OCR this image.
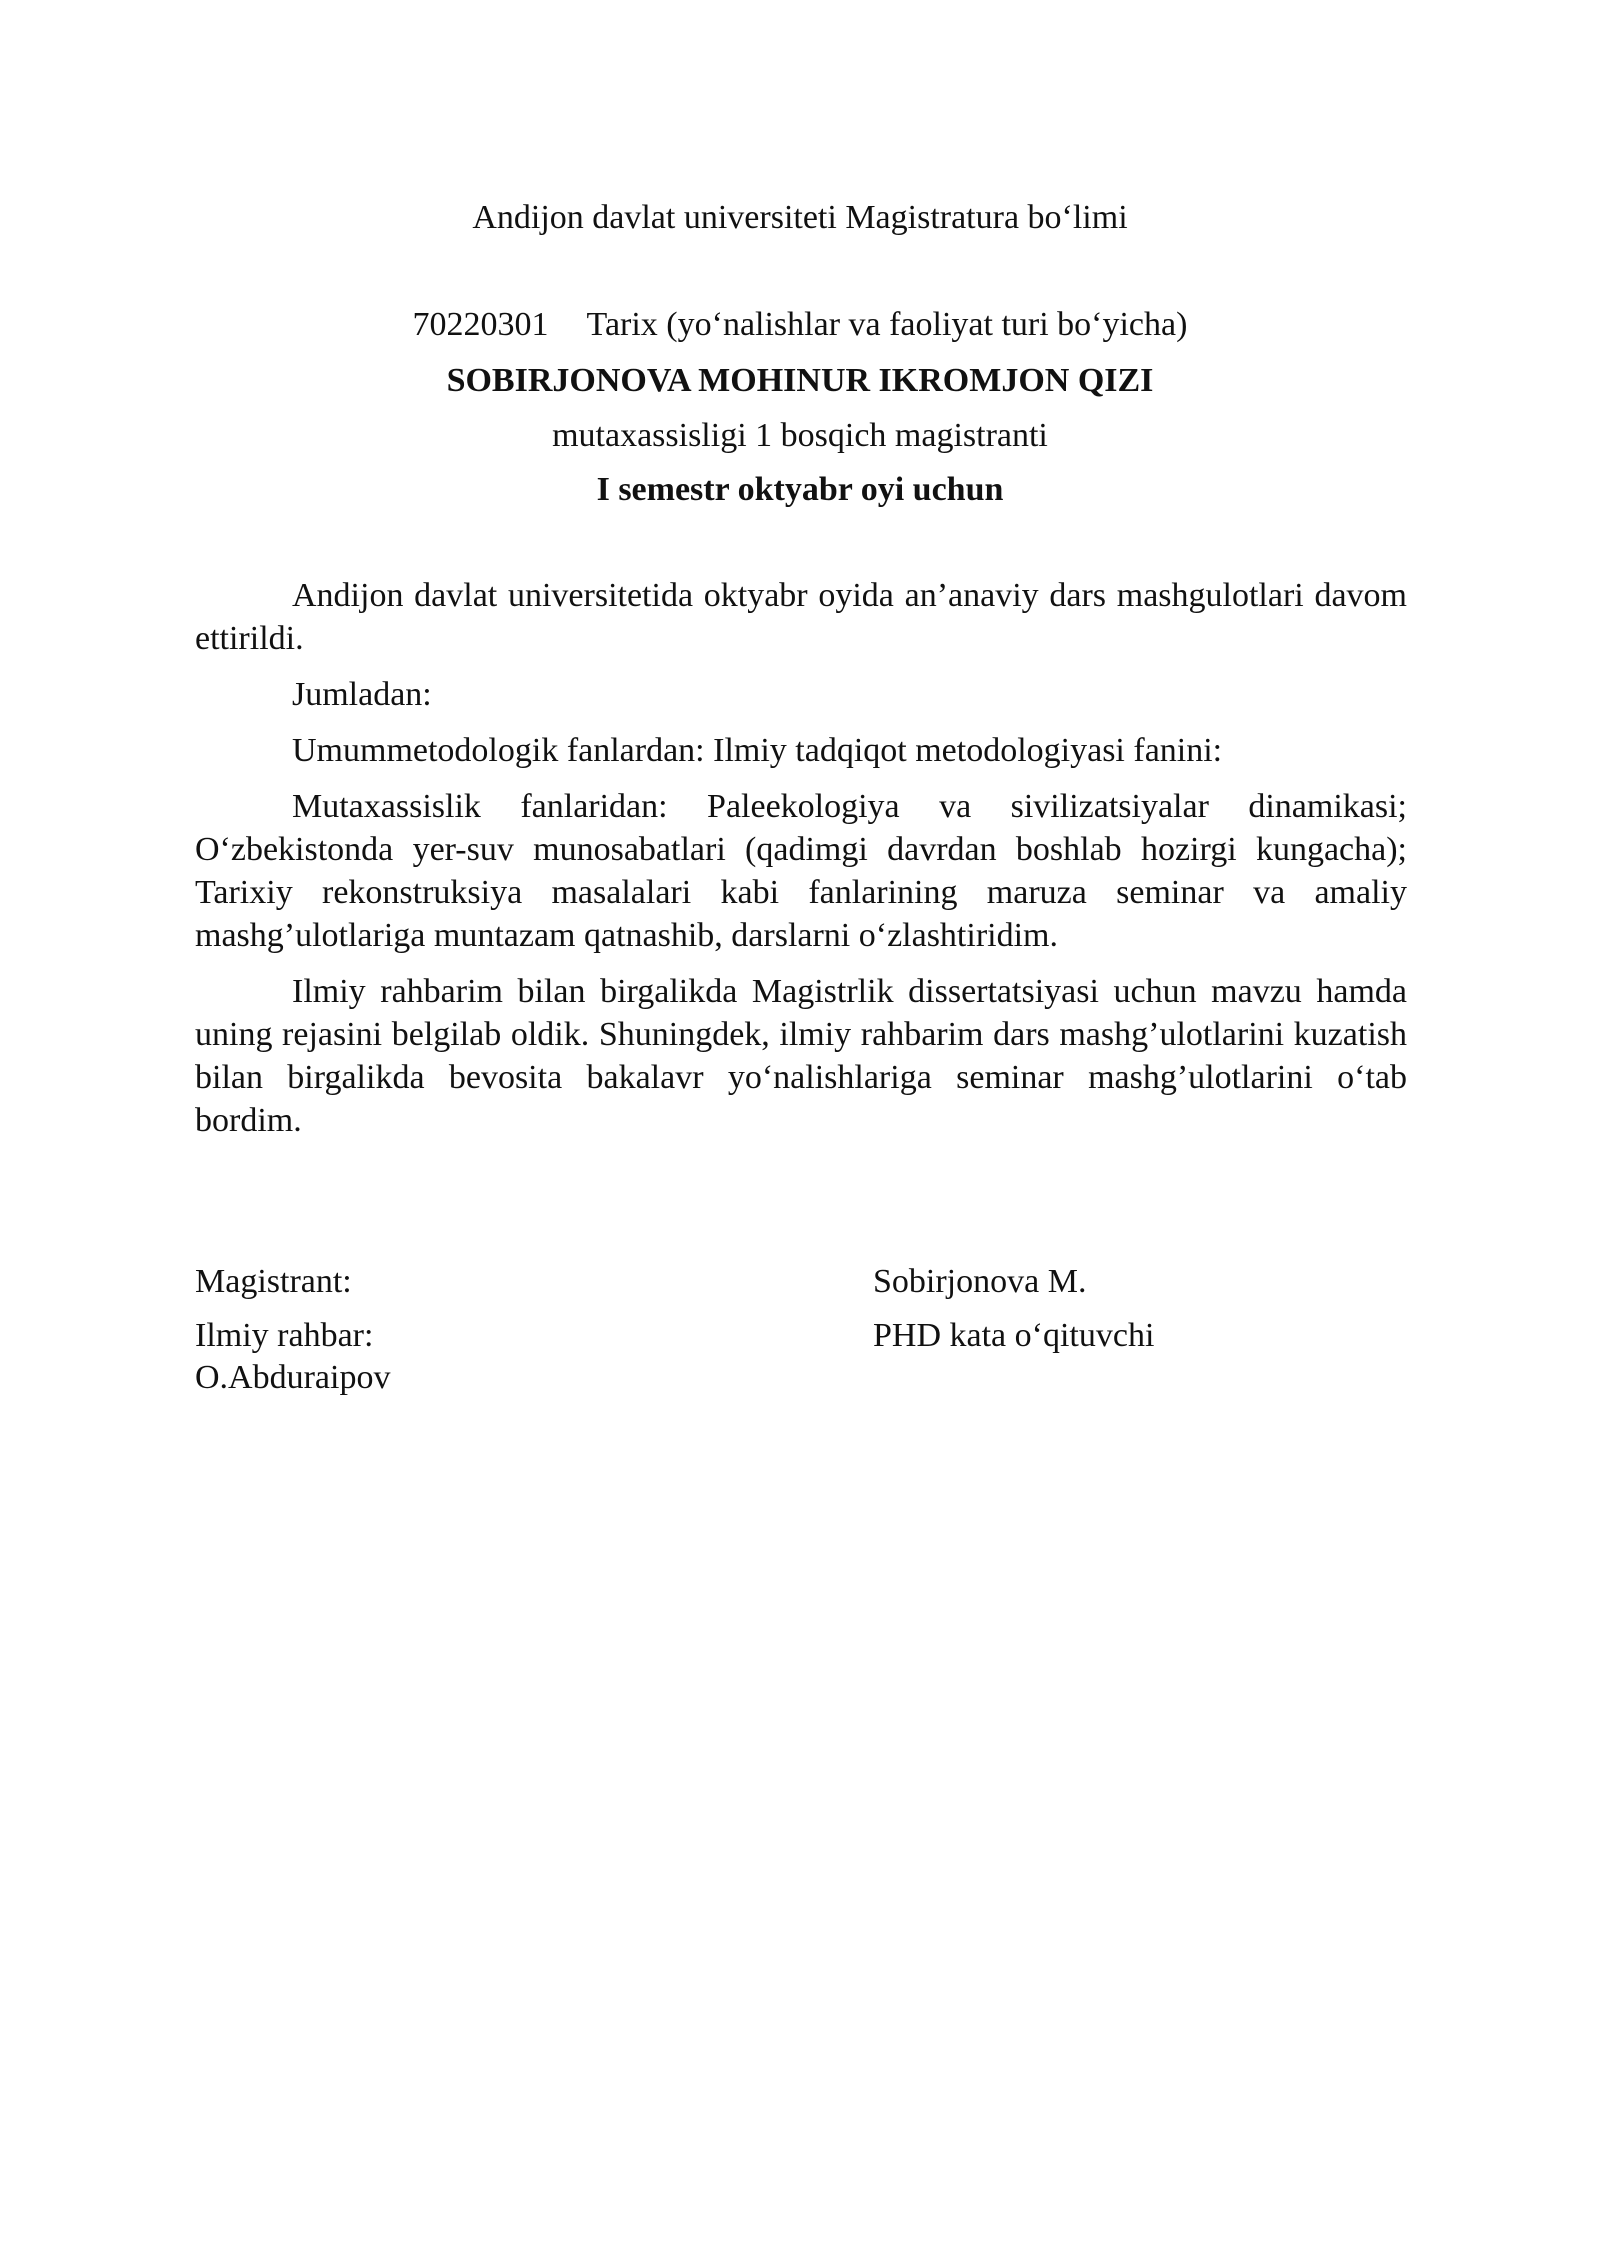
Andijon davlat universiteti Magistratura bo‘limi
70220301 Tarix (yo‘nalishlar va faoliyat turi bo‘yicha)
SOBIRJONOVA MOHINUR IKROMJON QIZI
mutaxassisligi 1 bosqich magistranti
I semestr oktyabr oyi uchun

Andijon davlat universitetida oktyabr oyida an’anaviy dars mashgulotlari davom ettirildi.

Jumladan:

Umummetodologik fanlardan: Ilmiy tadqiqot metodologiyasi fanini:

Mutaxassislik fanlaridan: Paleekologiya va sivilizatsiyalar dinamikasi; O‘zbekistonda yer-suv munosabatlari (qadimgi davrdan boshlab hozirgi kungacha); Tarixiy rekonstruksiya masalalari kabi fanlarining maruza seminar va amaliy mashg’ulotlariga muntazam qatnashib, darslarni o‘zlashtiridim.

Ilmiy rahbarim bilan birgalikda Magistrlik dissertatsiyasi uchun mavzu hamda uning rejasini belgilab oldik. Shuningdek, ilmiy rahbarim dars mashg’ulotlarini kuzatish bilan birgalikda bevosita bakalavr yo‘nalishlariga seminar mashg’ulotlarini o‘tab bordim.

Magistrant:	Sobirjonova M.
Ilmiy rahbar:	PHD kata o‘qituvchi
O.Abduraipov
